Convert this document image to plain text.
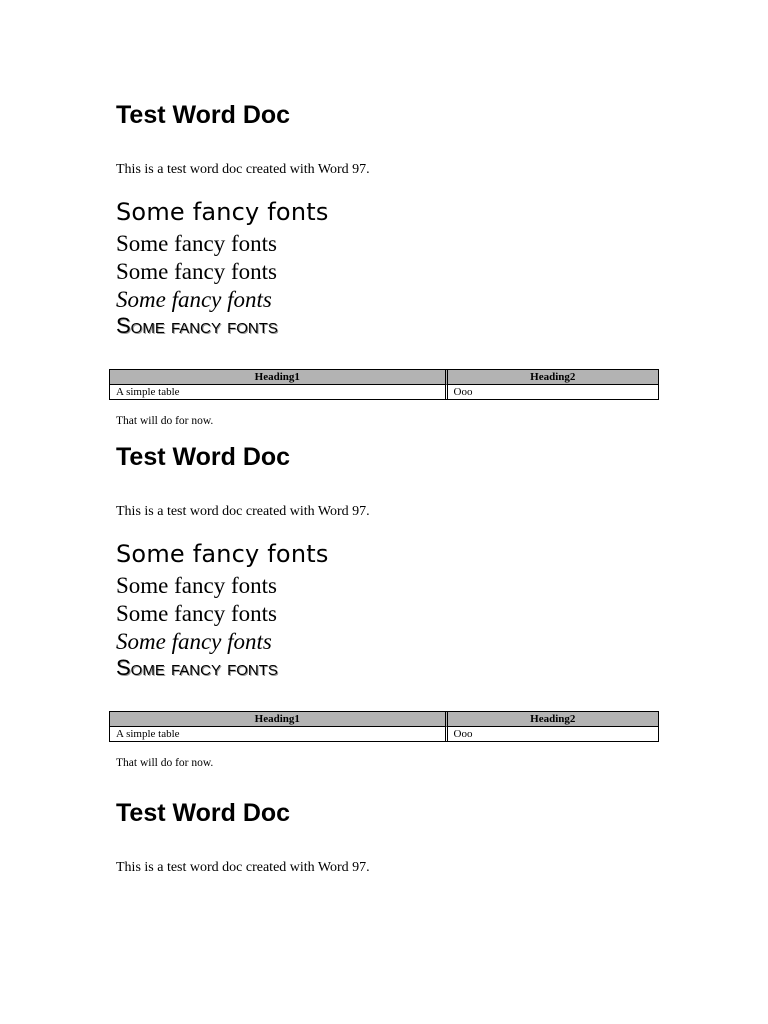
Test Word Doc
This is a test word doc created with Word 97.
Some fancy fonts
Some fancy fonts
Some fancy fonts
Some fancy fonts
Some fancy fonts
Heading1	Heading2
A simple table	Ooo
That will do for now.
Test Word Doc
This is a test word doc created with Word 97.
Some fancy fonts
Some fancy fonts
Some fancy fonts
Some fancy fonts
Some fancy fonts
Heading1	Heading2
A simple table	Ooo
That will do for now.
Test Word Doc
This is a test word doc created with Word 97.
